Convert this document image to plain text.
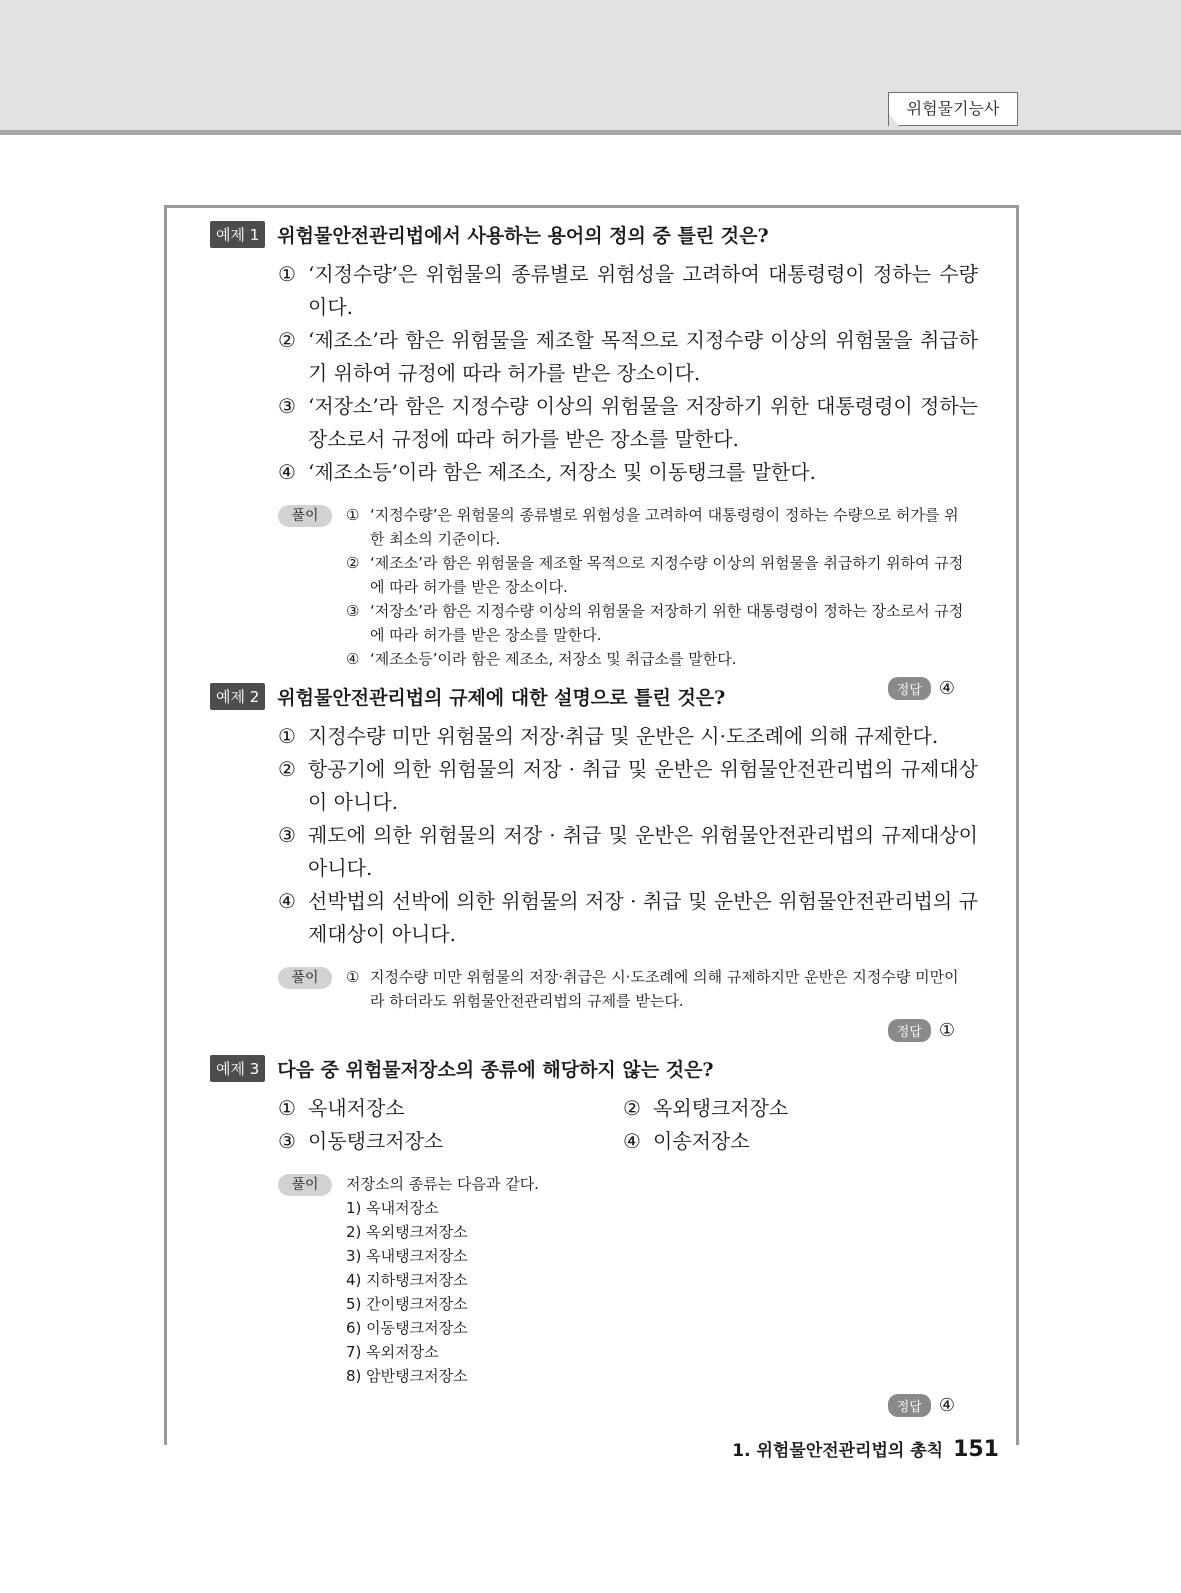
위험물기능사
예제 1 위험물안전관리법에서 사용하는 용어의 정의 중 틀린 것은?
① ‘지정수량’은 위험물의 종류별로 위험성을 고려하여 대통령령이 정하는 수량이다.
② ‘제조소’라 함은 위험물을 제조할 목적으로 지정수량 이상의 위험물을 취급하기 위하여 규정에 따라 허가를 받은 장소이다.
③ ‘저장소’라 함은 지정수량 이상의 위험물을 저장하기 위한 대통령령이 정하는 장소로서 규정에 따라 허가를 받은 장소를 말한다.
④ ‘제조소등’이라 함은 제조소, 저장소 및 이동탱크를 말한다.
풀이	① ‘지정수량’은 위험물의 종류별로 위험성을 고려하여 대통령령이 정하는 수량으로 허가를 위한 최소의 기준이다.
② ‘제조소’라 함은 위험물을 제조할 목적으로 지정수량 이상의 위험물을 취급하기 위하여 규정에 따라 허가를 받은 장소이다.
③ ‘저장소’라 함은 지정수량 이상의 위험물을 저장하기 위한 대통령령이 정하는 장소로서 규정에 따라 허가를 받은 장소를 말한다.
④ ‘제조소등’이라 함은 제조소, 저장소 및 취급소를 말한다.
정답 ④
예제 2 위험물안전관리법의 규제에 대한 설명으로 틀린 것은?
① 지정수량 미만 위험물의 저장·취급 및 운반은 시·도조례에 의해 규제한다.
② 항공기에 의한 위험물의 저장 · 취급 및 운반은 위험물안전관리법의 규제대상이 아니다.
③ 궤도에 의한 위험물의 저장 · 취급 및 운반은 위험물안전관리법의 규제대상이 아니다.
④ 선박법의 선박에 의한 위험물의 저장 · 취급 및 운반은 위험물안전관리법의 규제대상이 아니다.
풀이	① 지정수량 미만 위험물의 저장·취급은 시·도조례에 의해 규제하지만 운반은 지정수량 미만이라 하더라도 위험물안전관리법의 규제를 받는다.
정답 ①
예제 3 다음 중 위험물저장소의 종류에 해당하지 않는 것은?
① 옥내저장소	② 옥외탱크저장소
③ 이동탱크저장소	④ 이송저장소
풀이	저장소의 종류는 다음과 같다.
1) 옥내저장소
2) 옥외탱크저장소
3) 옥내탱크저장소
4) 지하탱크저장소
5) 간이탱크저장소
6) 이동탱크저장소
7) 옥외저장소
8) 암반탱크저장소
정답 ④
1. 위험물안전관리법의 총칙 151
